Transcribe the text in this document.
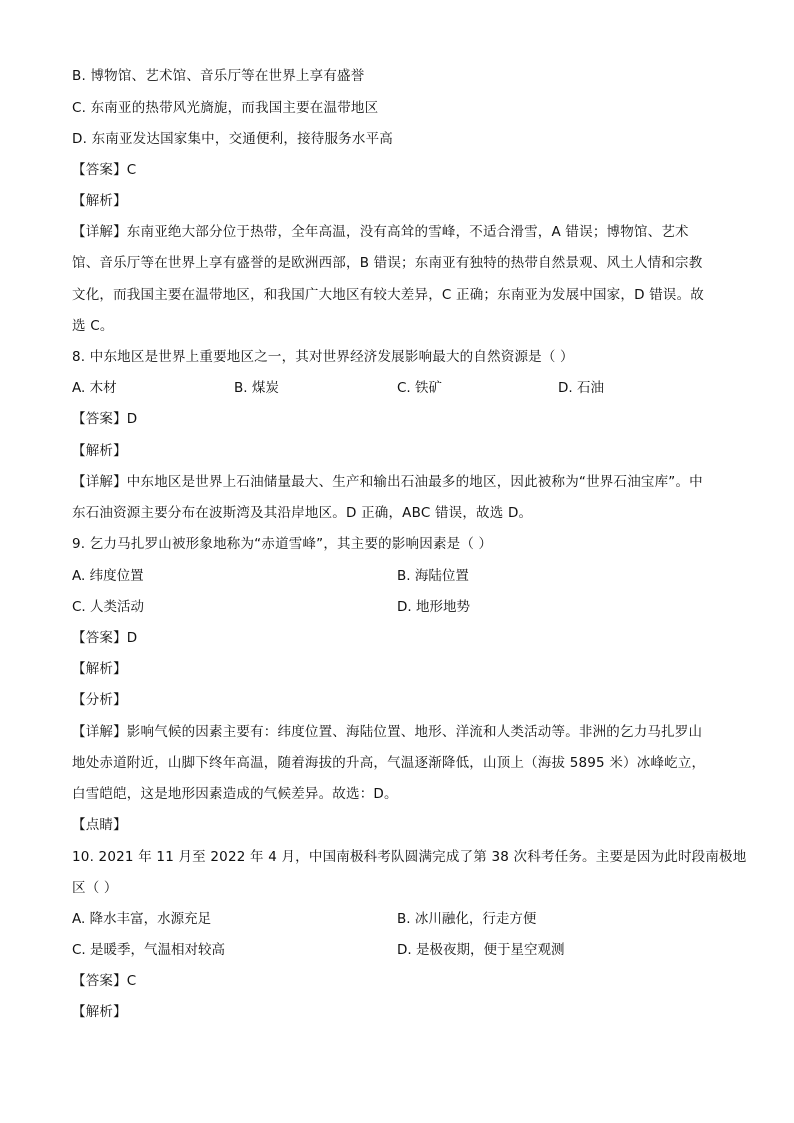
B. 博物馆、艺术馆、音乐厅等在世界上享有盛誉
C. 东南亚的热带风光旖旎，而我国主要在温带地区
D. 东南亚发达国家集中，交通便利，接待服务水平高
【答案】C
【解析】
【详解】东南亚绝大部分位于热带，全年高温，没有高耸的雪峰，不适合滑雪，A 错误；博物馆、艺术
馆、音乐厅等在世界上享有盛誉的是欧洲西部，B 错误；东南亚有独特的热带自然景观、风土人情和宗教
文化，而我国主要在温带地区，和我国广大地区有较大差异，C 正确；东南亚为发展中国家，D 错误。故
选 C。
8. 中东地区是世界上重要地区之一，其对世界经济发展影响最大的自然资源是（ ）
A. 木材	B. 煤炭	C. 铁矿	D. 石油
【答案】D
【解析】
【详解】中东地区是世界上石油储量最大、生产和输出石油最多的地区，因此被称为“世界石油宝库”。中
东石油资源主要分布在波斯湾及其沿岸地区。D 正确，ABC 错误，故选 D。
9. 乞力马扎罗山被形象地称为“赤道雪峰”，其主要的影响因素是（ ）
A. 纬度位置	B. 海陆位置
C. 人类活动	D. 地形地势
【答案】D
【解析】
【分析】
【详解】影响气候的因素主要有：纬度位置、海陆位置、地形、洋流和人类活动等。非洲的乞力马扎罗山
地处赤道附近，山脚下终年高温，随着海拔的升高，气温逐渐降低，山顶上（海拔 5895 米）冰峰屹立，
白雪皑皑，这是地形因素造成的气候差异。故选：D。
【点睛】
10. 2021 年 11 月至 2022 年 4 月，中国南极科考队圆满完成了第 38 次科考任务。主要是因为此时段南极地
区（ ）
A. 降水丰富，水源充足	B. 冰川融化，行走方便
C. 是暖季，气温相对较高	D. 是极夜期，便于星空观测
【答案】C
【解析】
